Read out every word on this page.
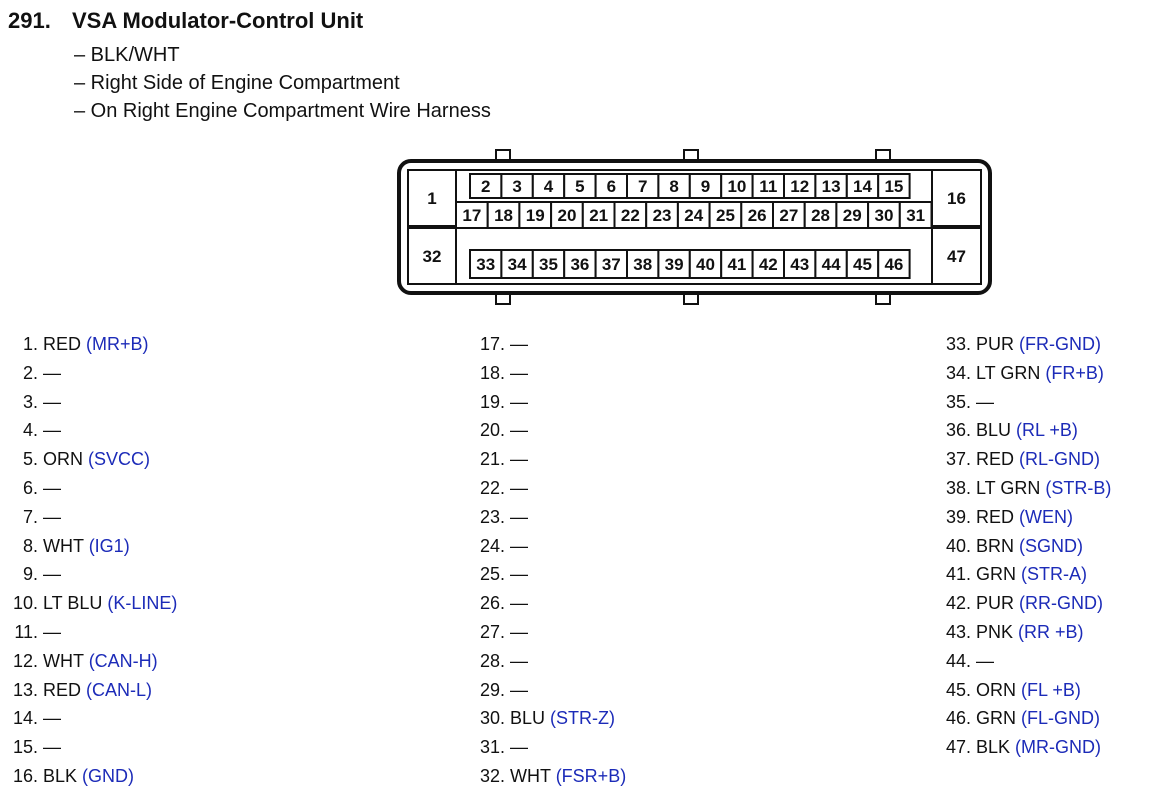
291. VSA Modulator-Control Unit
– BLK/WHT
– Right Side of Engine Compartment
– On Right Engine Compartment Wire Harness
1
32
16
47
2 3 4 5 6 7 8 9 10 11 12 13 14 15
17 18 19 20 21 22 23 24 25 26 27 28 29 30 31
33 34 35 36 37 38 39 40 41 42 43 44 45 46
1. RED (MR+B)
2. —
3. —
4. —
5. ORN (SVCC)
6. —
7. —
8. WHT (IG1)
9. —
10. LT BLU (K-LINE)
11. —
12. WHT (CAN-H)
13. RED (CAN-L)
14. —
15. —
16. BLK (GND)
17. —
18. —
19. —
20. —
21. —
22. —
23. —
24. —
25. —
26. —
27. —
28. —
29. —
30. BLU (STR-Z)
31. —
32. WHT (FSR+B)
33. PUR (FR-GND)
34. LT GRN (FR+B)
35. —
36. BLU (RL +B)
37. RED (RL-GND)
38. LT GRN (STR-B)
39. RED (WEN)
40. BRN (SGND)
41. GRN (STR-A)
42. PUR (RR-GND)
43. PNK (RR +B)
44. —
45. ORN (FL +B)
46. GRN (FL-GND)
47. BLK (MR-GND)
